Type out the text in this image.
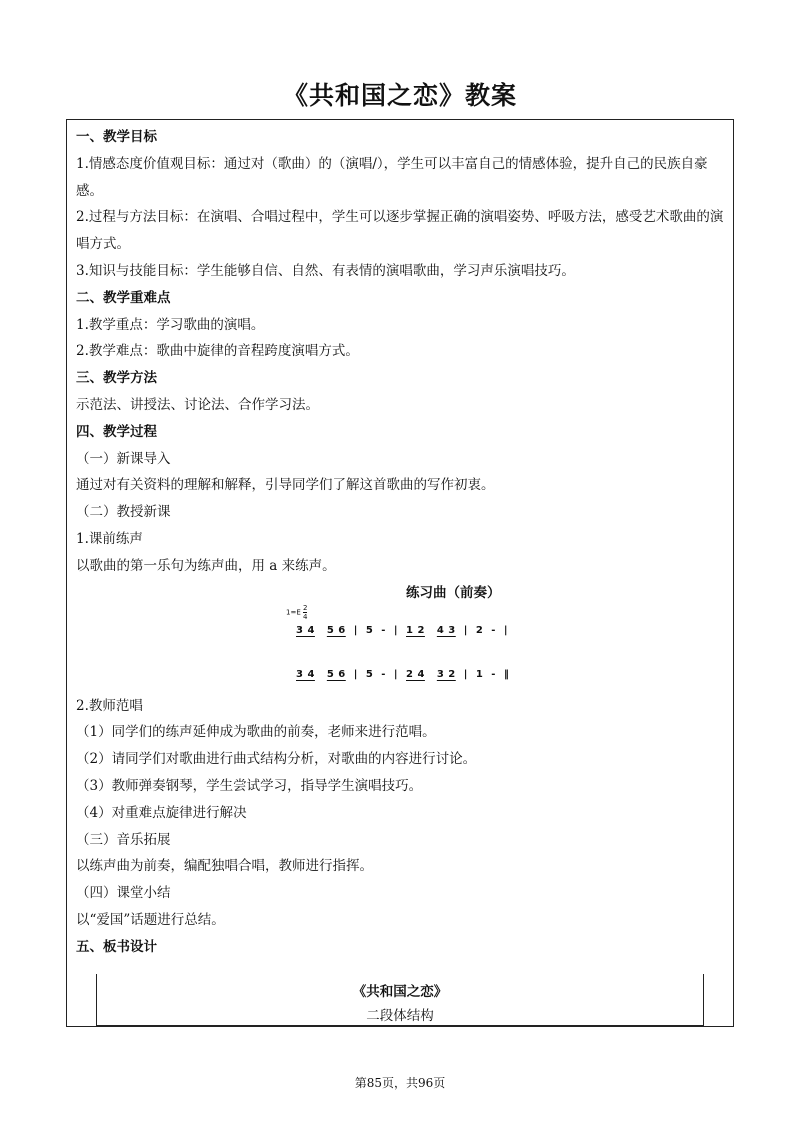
《共和国之恋》教案
一、教学目标
1.情感态度价值观目标：通过对（歌曲）的（演唱/），学生可以丰富自己的情感体验，提升自己的民族自豪感。
2.过程与方法目标：在演唱、合唱过程中，学生可以逐步掌握正确的演唱姿势、呼吸方法，感受艺术歌曲的演唱方式。
3.知识与技能目标：学生能够自信、自然、有表情的演唱歌曲，学习声乐演唱技巧。
二、教学重难点
1.教学重点：学习歌曲的演唱。
2.教学难点：歌曲中旋律的音程跨度演唱方式。
三、教学方法
示范法、讲授法、讨论法、合作学习法。
四、教学过程
（一）新课导入
通过对有关资料的理解和解释，引导同学们了解这首歌曲的写作初衷。
（二）教授新课
1.课前练声
以歌曲的第一乐句为练声曲，用 a 来练声。
练习曲（前奏）
$1=E \frac{2}{4}$
3 4 5 6  |  5  -  |  1 2 4 3  |  2  -  |
3 4 5 6  |  5  -  |  2 4 3 2  |  1  -  ‖
2.教师范唱
（1）同学们的练声延伸成为歌曲的前奏，老师来进行范唱。
（2）请同学们对歌曲进行曲式结构分析，对歌曲的内容进行讨论。
（3）教师弹奏钢琴，学生尝试学习，指导学生演唱技巧。
（4）对重难点旋律进行解决
（三）音乐拓展
以练声曲为前奏，编配独唱合唱，教师进行指挥。
（四）课堂小结
以“爱国”话题进行总结。
五、板书设计
《共和国之恋》
二段体结构
第85页，共96页
